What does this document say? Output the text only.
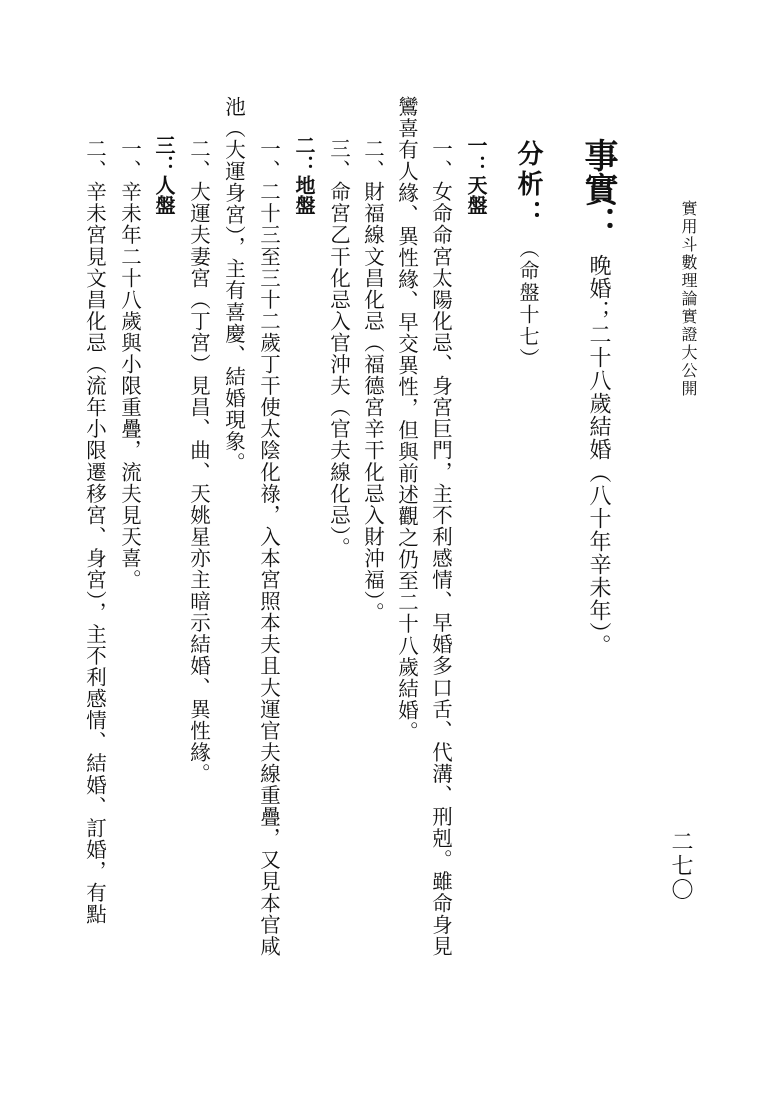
實用斗數理論實證大公開
事實：
晚婚；二十八歲結婚（八十年辛未年）。
分析：
（命盤十七）
一：天盤
一、女命命宮太陽化忌、身宮巨門，主不利感情、早婚多口舌、代溝、刑剋。雖命身見
鸞喜有人緣、異性緣、早交異性，但與前述觀之仍至二十八歲結婚。
二、財福線文昌化忌（福德宮辛干化忌入財沖福）。
三、命宮乙干化忌入官沖夫（官夫線化忌）。
二：地盤
一、二十三至三十二歲丁干使太陰化祿，入本宮照本夫且大運官夫線重疊，又見本官咸
池（大運身宮），主有喜慶、結婚現象。
二、大運夫妻宮（丁宮）見昌、曲、天姚星亦主暗示結婚、異性緣。
三：人盤
一、辛未年二十八歲與小限重疊，流夫見天喜。
二、辛未宮見文昌化忌（流年小限遷移宮、身宮），主不利感情、結婚、訂婚，有點	二七〇
